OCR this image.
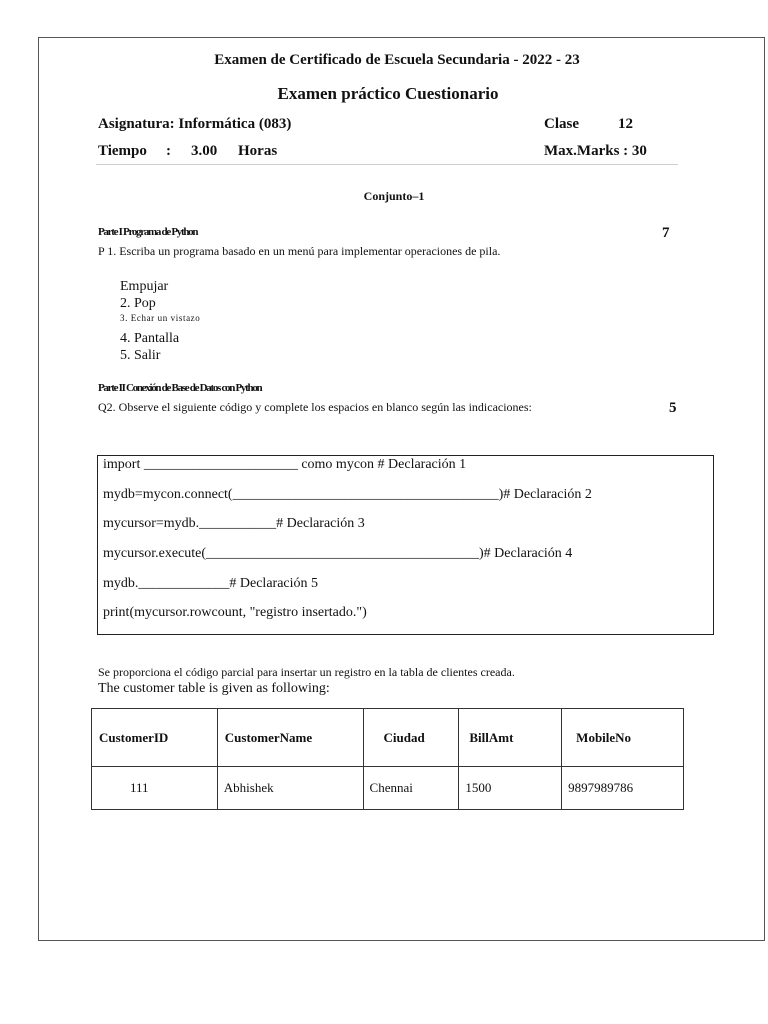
Examen de Certificado de Escuela Secundaria - 2022 - 23
Examen práctico Cuestionario
Asignatura: Informática (083)	Clase	12
Tiempo : 3.00 Horas	Max.Marks : 30
Conjunto–1
Parte I Programa de Python	7
P 1. Escriba un programa basado en un menú para implementar operaciones de pila.
Empujar
2. Pop
3. Echar un vistazo
4. Pantalla
5. Salir
Parte II Conexión de Base de Datos con Python
Q2. Observe el siguiente código y complete los espacios en blanco según las indicaciones:	5
import ______________________ como mycon # Declaración 1
mydb=mycon.connect(______________________________________)# Declaración 2
mycursor=mydb.___________# Declaración 3
mycursor.execute(_______________________________________)# Declaración 4
mydb._____________# Declaración 5
print(mycursor.rowcount, "registro insertado.")
Se proporciona el código parcial para insertar un registro en la tabla de clientes creada.
The customer table is given as following:
CustomerID	CustomerName	Ciudad	BillAmt	MobileNo
111	Abhishek	Chennai	1500	9897989786
